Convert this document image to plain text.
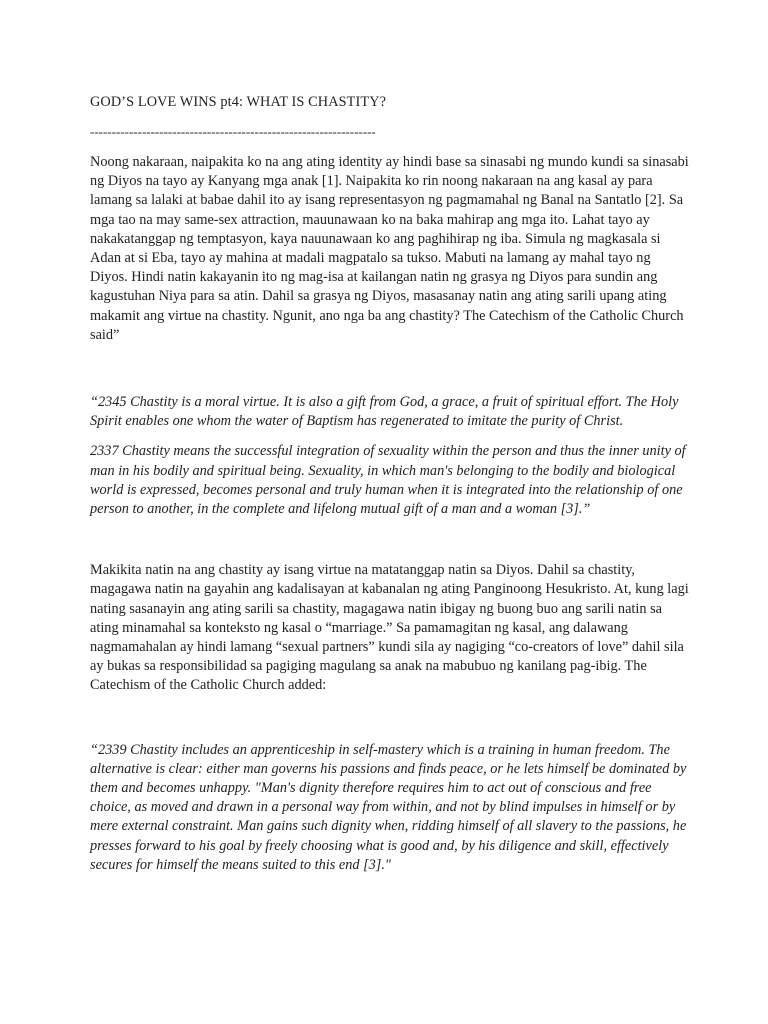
GOD’S LOVE WINS pt4: WHAT IS CHASTITY?
------------------------------------------------------------------

Noong nakaraan, naipakita ko na ang ating identity ay hindi base sa sinasabi ng mundo kundi sa sinasabi ng Diyos na tayo ay Kanyang mga anak [1]. Naipakita ko rin noong nakaraan na ang kasal ay para lamang sa lalaki at babae dahil ito ay isang representasyon ng pagmamahal ng Banal na Santatlo [2]. Sa mga tao na may same-sex attraction, mauunawaan ko na baka mahirap ang mga ito. Lahat tayo ay nakakatanggap ng temptasyon, kaya nauunawaan ko ang paghihirap ng iba. Simula ng magkasala si Adan at si Eba, tayo ay mahina at madali magpatalo sa tukso. Mabuti na lamang ay mahal tayo ng Diyos. Hindi natin kakayanin ito ng mag-isa at kailangan natin ng grasya ng Diyos para sundin ang kagustuhan Niya para sa atin. Dahil sa grasya ng Diyos, masasanay natin ang ating sarili upang ating makamit ang virtue na chastity. Ngunit, ano nga ba ang chastity? The Catechism of the Catholic Church said”

“2345 Chastity is a moral virtue. It is also a gift from God, a grace, a fruit of spiritual effort. The Holy Spirit enables one whom the water of Baptism has regenerated to imitate the purity of Christ.

2337 Chastity means the successful integration of sexuality within the person and thus the inner unity of man in his bodily and spiritual being. Sexuality, in which man's belonging to the bodily and biological world is expressed, becomes personal and truly human when it is integrated into the relationship of one person to another, in the complete and lifelong mutual gift of a man and a woman [3].”

Makikita natin na ang chastity ay isang virtue na matatanggap natin sa Diyos. Dahil sa chastity, magagawa natin na gayahin ang kadalisayan at kabanalan ng ating Panginoong Hesukristo. At, kung lagi nating sasanayin ang ating sarili sa chastity, magagawa natin ibigay ng buong buo ang sarili natin sa ating minamahal sa konteksto ng kasal o “marriage.” Sa pamamagitan ng kasal, ang dalawang nagmamahalan ay hindi lamang “sexual partners” kundi sila ay nagiging “co-creators of love” dahil sila ay bukas sa responsibilidad sa pagiging magulang sa anak na mabubuo ng kanilang pag-ibig. The Catechism of the Catholic Church added:

“2339 Chastity includes an apprenticeship in self-mastery which is a training in human freedom. The alternative is clear: either man governs his passions and finds peace, or he lets himself be dominated by them and becomes unhappy. "Man's dignity therefore requires him to act out of conscious and free choice, as moved and drawn in a personal way from within, and not by blind impulses in himself or by mere external constraint. Man gains such dignity when, ridding himself of all slavery to the passions, he presses forward to his goal by freely choosing what is good and, by his diligence and skill, effectively secures for himself the means suited to this end [3]."
